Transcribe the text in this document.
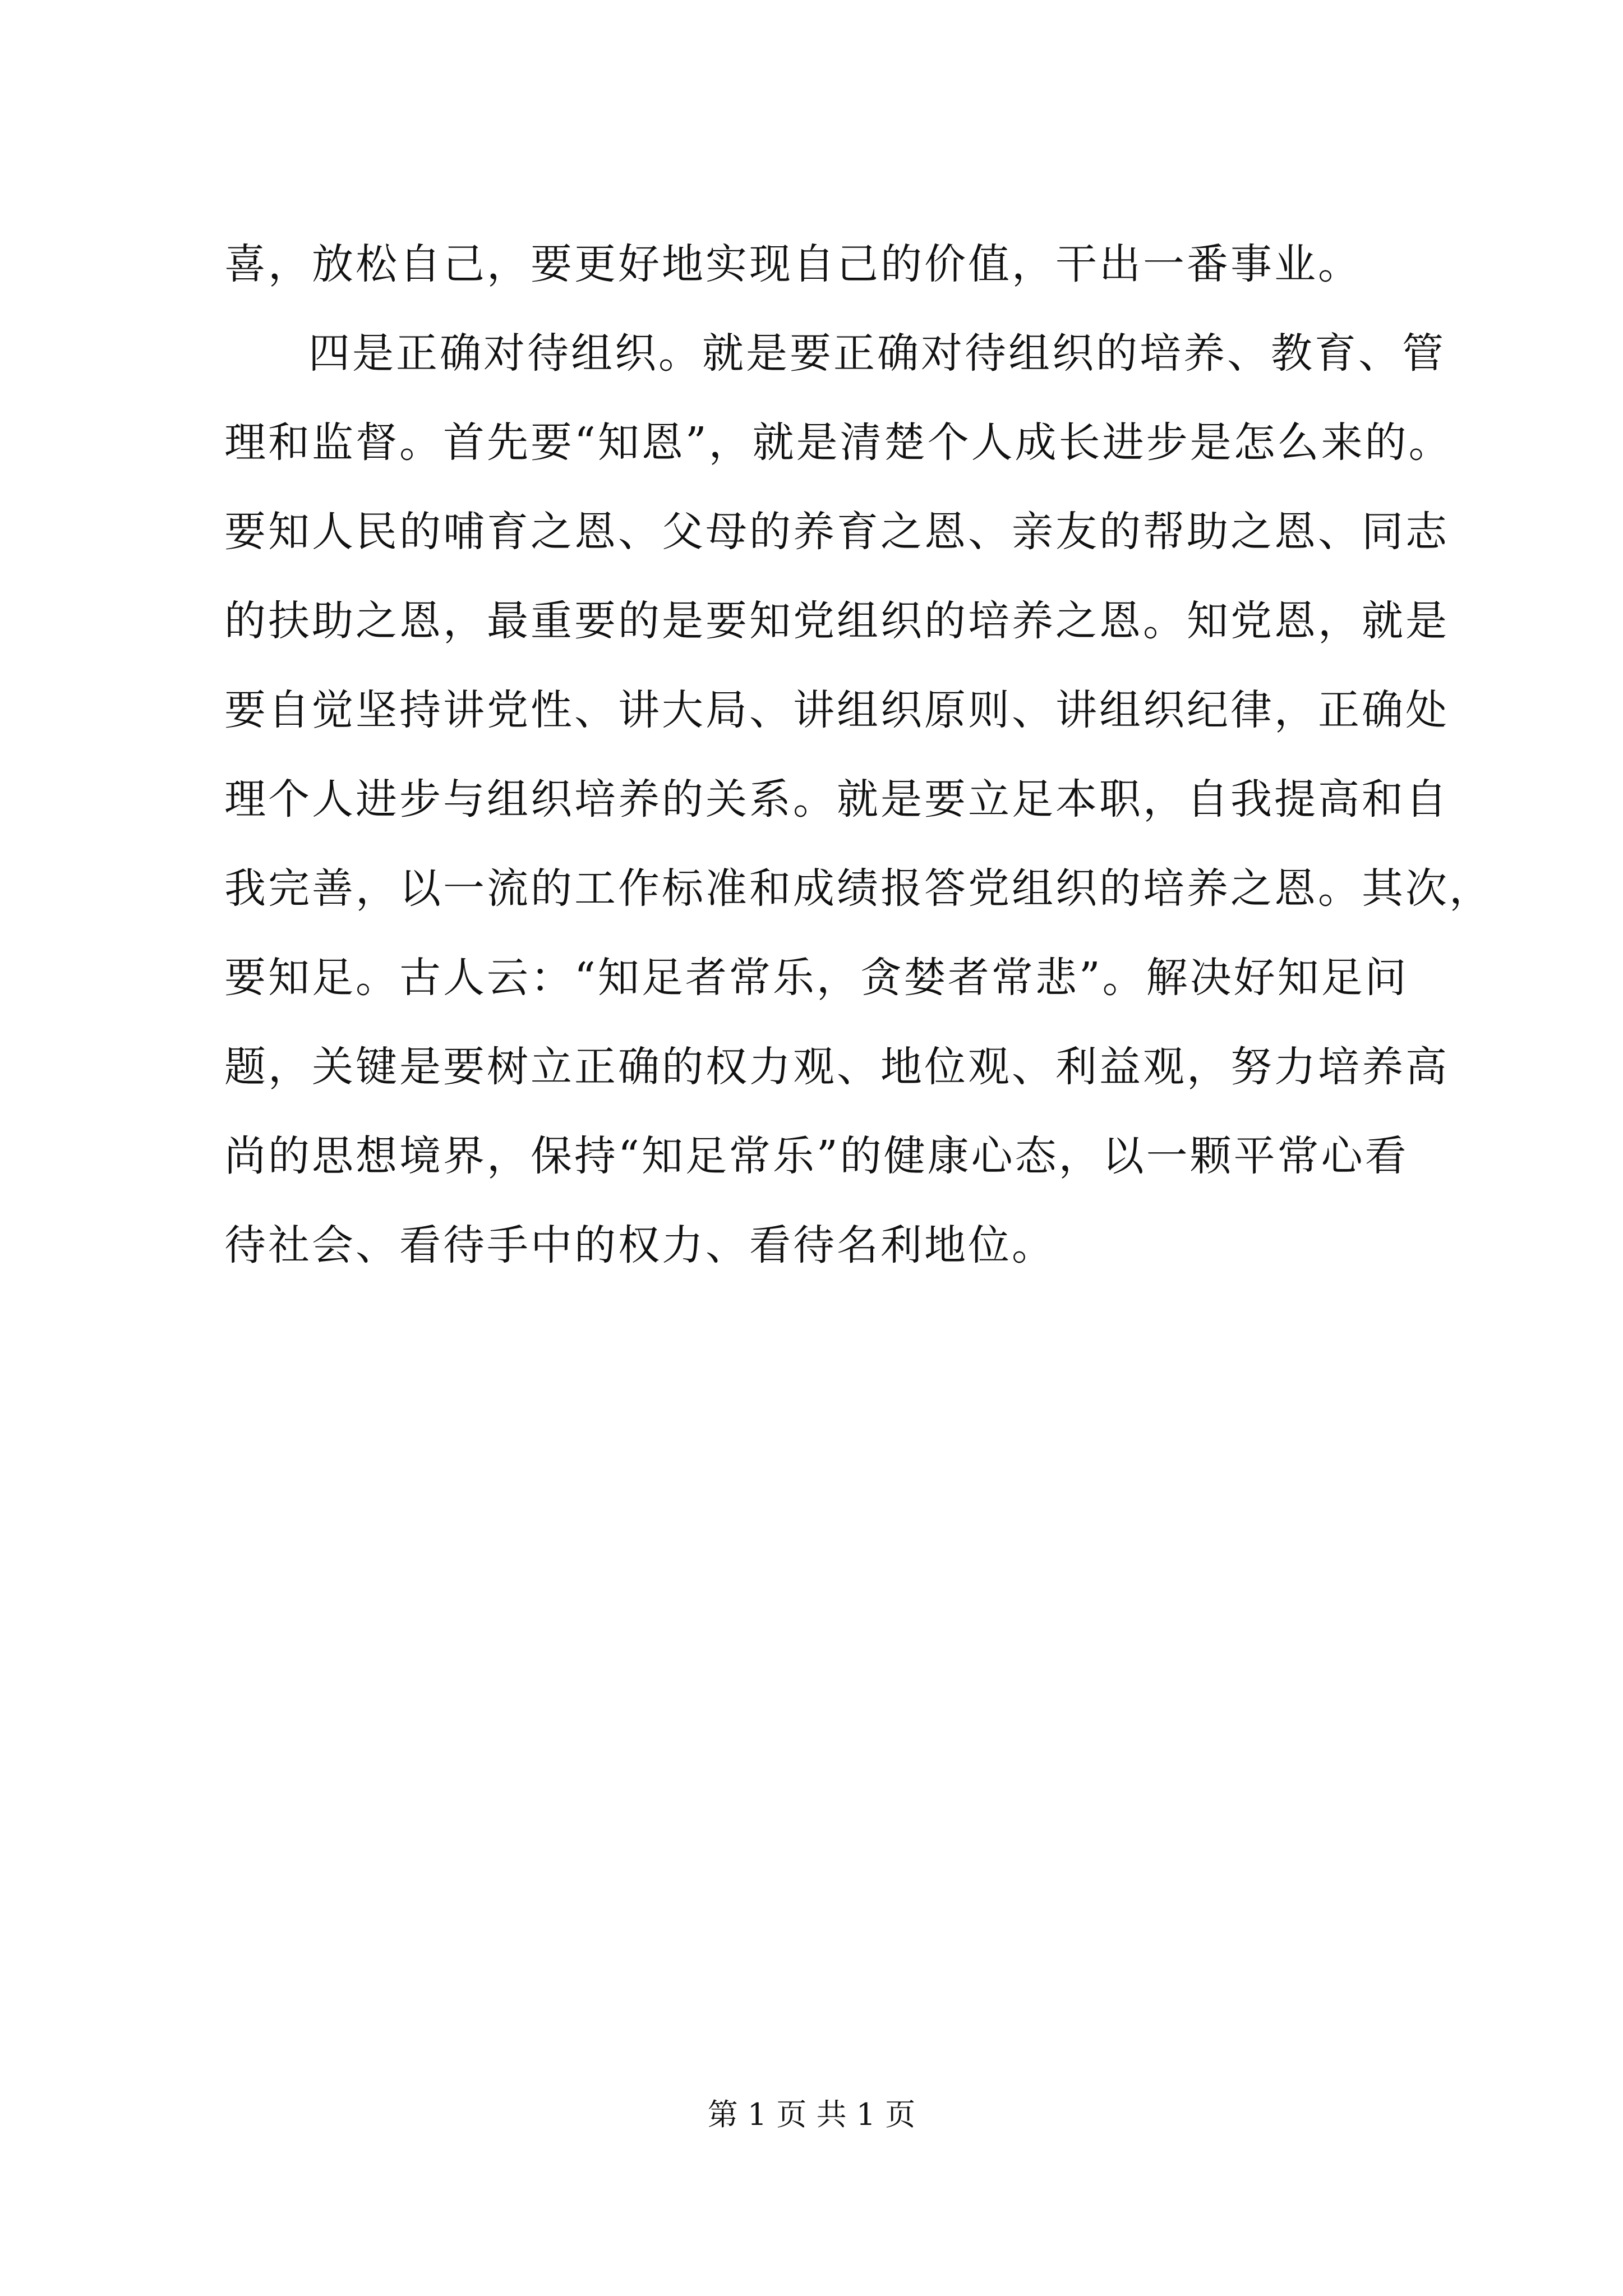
喜，放松自己，要更好地实现自己的价值，干出一番事业。
四是正确对待组织。就是要正确对待组织的培养、教育、管
理和监督。首先要“知恩”，就是清楚个人成长进步是怎么来的。
要知人民的哺育之恩、父母的养育之恩、亲友的帮助之恩、同志
的扶助之恩，最重要的是要知党组织的培养之恩。知党恩，就是
要自觉坚持讲党性、讲大局、讲组织原则、讲组织纪律，正确处
理个人进步与组织培养的关系。就是要立足本职，自我提高和自
我完善，以一流的工作标准和成绩报答党组织的培养之恩。其次，
要知足。古人云：“知足者常乐，贪婪者常悲”。解决好知足问
题，关键是要树立正确的权力观、地位观、利益观，努力培养高
尚的思想境界，保持“知足常乐”的健康心态，以一颗平常心看
待社会、看待手中的权力、看待名利地位。
第 1 页 共 1 页
